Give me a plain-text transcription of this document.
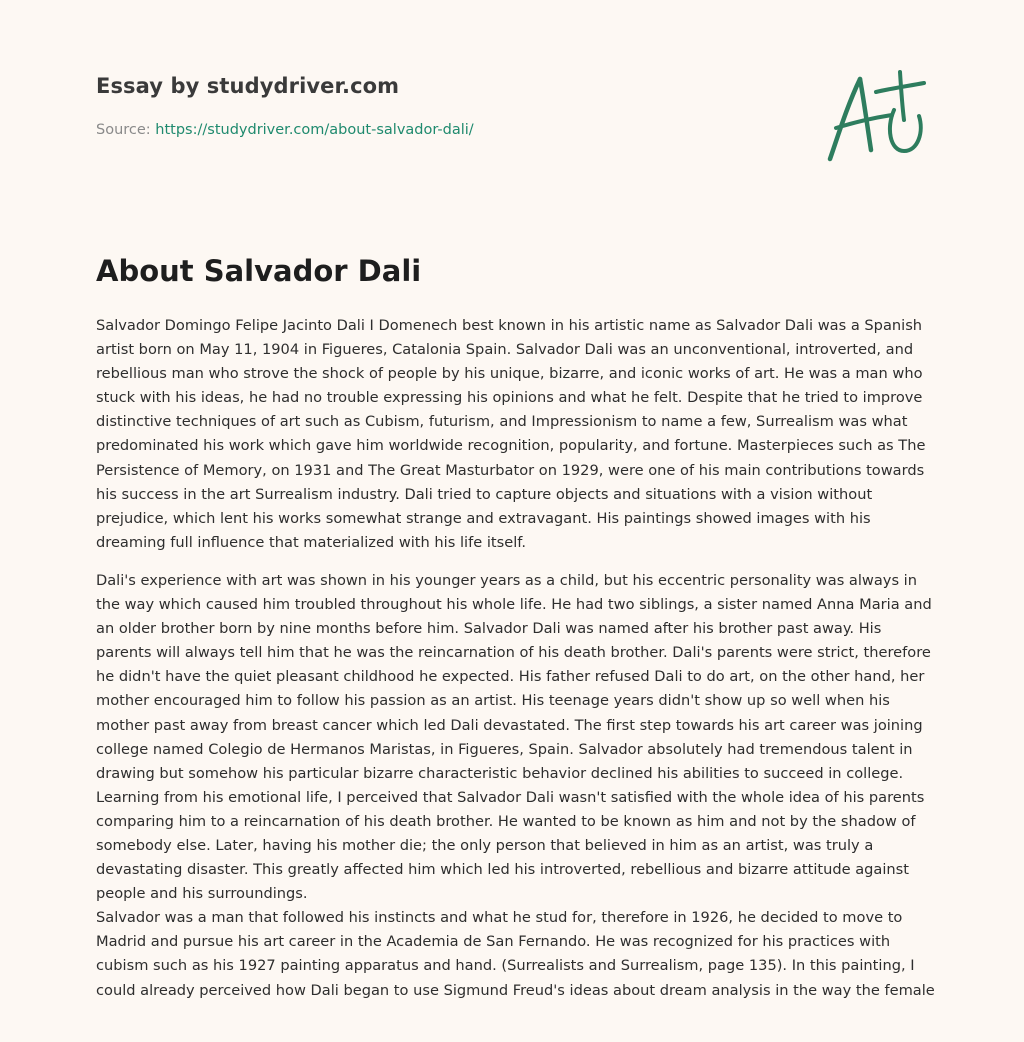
Essay by studydriver.com
Source: https://studydriver.com/about-salvador-dali/
About Salvador Dali

Salvador Domingo Felipe Jacinto Dali I Domenech best known in his artistic name as Salvador Dali was a Spanish artist born on May 11, 1904 in Figueres, Catalonia Spain. Salvador Dali was an unconventional, introverted, and rebellious man who strove the shock of people by his unique, bizarre, and iconic works of art. He was a man who stuck with his ideas, he had no trouble expressing his opinions and what he felt. Despite that he tried to improve distinctive techniques of art such as Cubism, futurism, and Impressionism to name a few, Surrealism was what predominated his work which gave him worldwide recognition, popularity, and fortune. Masterpieces such as The Persistence of Memory, on 1931 and The Great Masturbator on 1929, were one of his main contributions towards his success in the art Surrealism industry. Dali tried to capture objects and situations with a vision without prejudice, which lent his works somewhat strange and extravagant. His paintings showed images with his dreaming full influence that materialized with his life itself.

Dali's experience with art was shown in his younger years as a child, but his eccentric personality was always in the way which caused him troubled throughout his whole life. He had two siblings, a sister named Anna Maria and an older brother born by nine months before him. Salvador Dali was named after his brother past away. His parents will always tell him that he was the reincarnation of his death brother. Dali's parents were strict, therefore he didn't have the quiet pleasant childhood he expected. His father refused Dali to do art, on the other hand, her mother encouraged him to follow his passion as an artist. His teenage years didn't show up so well when his mother past away from breast cancer which led Dali devastated. The first step towards his art career was joining college named Colegio de Hermanos Maristas, in Figueres, Spain. Salvador absolutely had tremendous talent in drawing but somehow his particular bizarre characteristic behavior declined his abilities to succeed in college. Learning from his emotional life, I perceived that Salvador Dali wasn't satisfied with the whole idea of his parents comparing him to a reincarnation of his death brother. He wanted to be known as him and not by the shadow of somebody else. Later, having his mother die; the only person that believed in him as an artist, was truly a devastating disaster. This greatly affected him which led his introverted, rebellious and bizarre attitude against people and his surroundings.

Salvador was a man that followed his instincts and what he stud for, therefore in 1926, he decided to move to Madrid and pursue his art career in the Academia de San Fernando. He was recognized for his practices with cubism such as his 1927 painting apparatus and hand. (Surrealists and Surrealism, page 135). In this painting, I could already perceived how Dali began to use Sigmund Freud's ideas about dream analysis in the way the female
